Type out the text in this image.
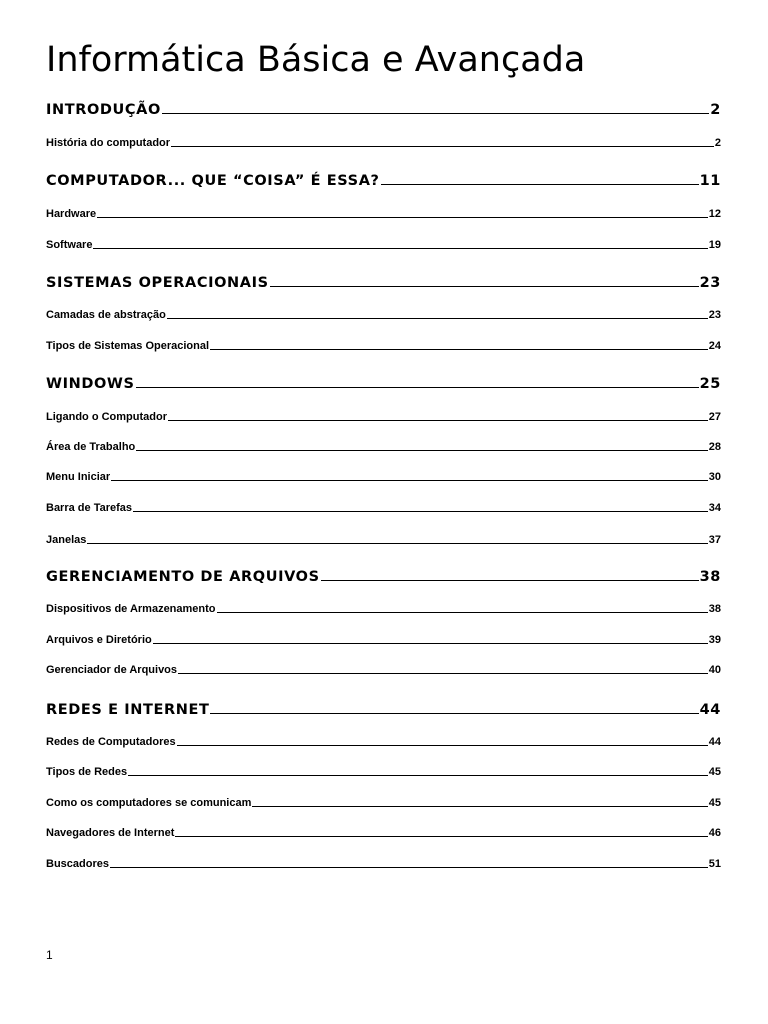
Informática Básica e Avançada
INTRODUÇÃO	2
História do computador	2
COMPUTADOR... QUE “COISA” É ESSA?	11
Hardware	12
Software	19
SISTEMAS OPERACIONAIS	23
Camadas de abstração	23
Tipos de Sistemas Operacional	24
WINDOWS	25
Ligando o Computador	27
Área de Trabalho	28
Menu Iniciar	30
Barra de Tarefas	34
Janelas	37
GERENCIAMENTO DE ARQUIVOS	38
Dispositivos de Armazenamento	38
Arquivos e Diretório	39
Gerenciador de Arquivos	40
REDES E INTERNET	44
Redes de Computadores	44
Tipos de Redes	45
Como os computadores se comunicam	45
Navegadores de Internet	46
Buscadores	51
1
